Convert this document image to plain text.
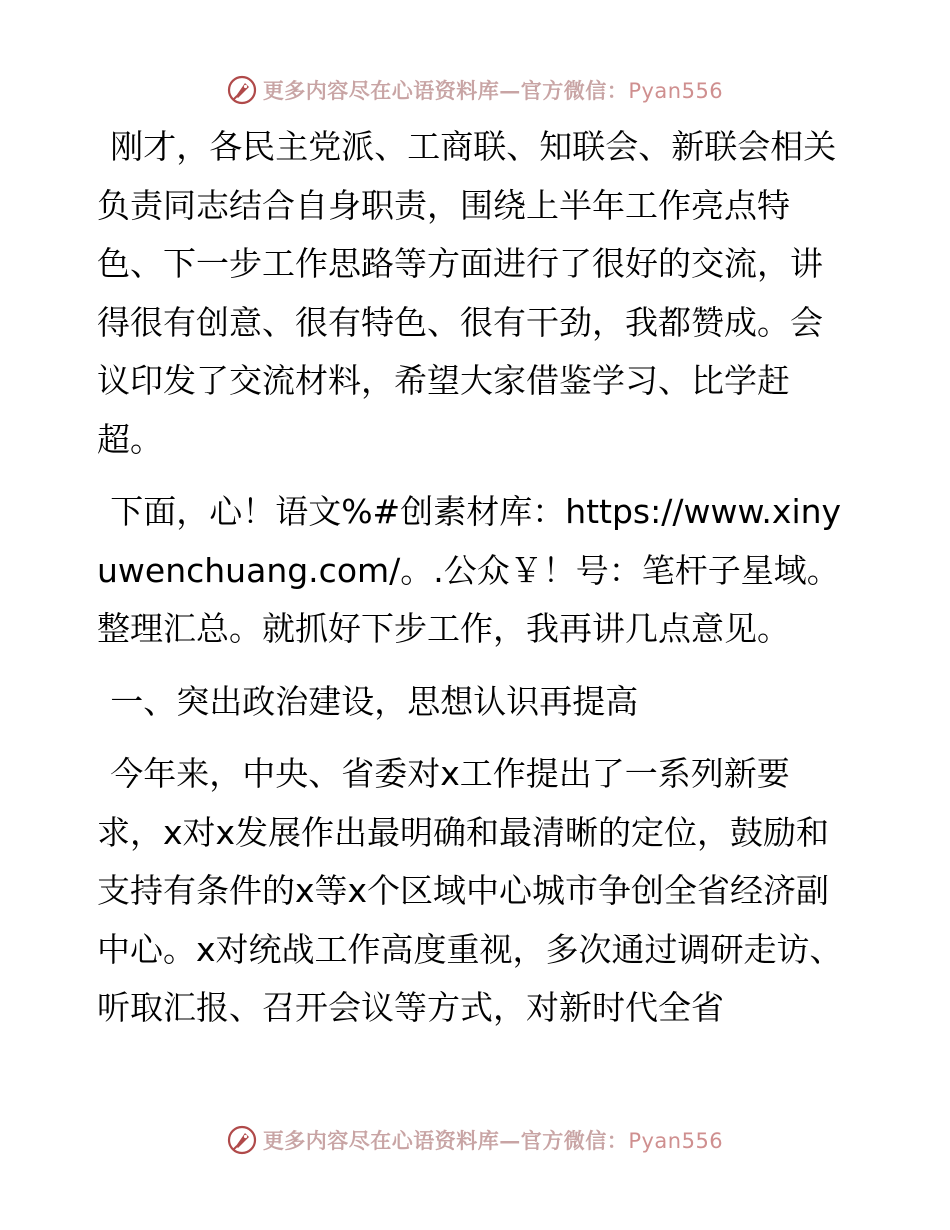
更多内容尽在心语资料库—官方微信：Pyan556

刚才，各民主党派、工商联、知联会、新联会相关负责同志结合自身职责，围绕上半年工作亮点特色、下一步工作思路等方面进行了很好的交流，讲得很有创意、很有特色、很有干劲，我都赞成。会议印发了交流材料，希望大家借鉴学习、比学赶超。

下面，心！语文%#创素材库：https://www.xinyuwenchuang.com/。.公众￥！号：笔杆子星域。整理汇总。就抓好下步工作，我再讲几点意见。

一、突出政治建设，思想认识再提高

今年来，中央、省委对x工作提出了一系列新要求，x对x发展作出最明确和最清晰的定位，鼓励和支持有条件的x等x个区域中心城市争创全省经济副中心。x对统战工作高度重视，多次通过调研走访、听取汇报、召开会议等方式，对新时代全省

更多内容尽在心语资料库—官方微信：Pyan556
